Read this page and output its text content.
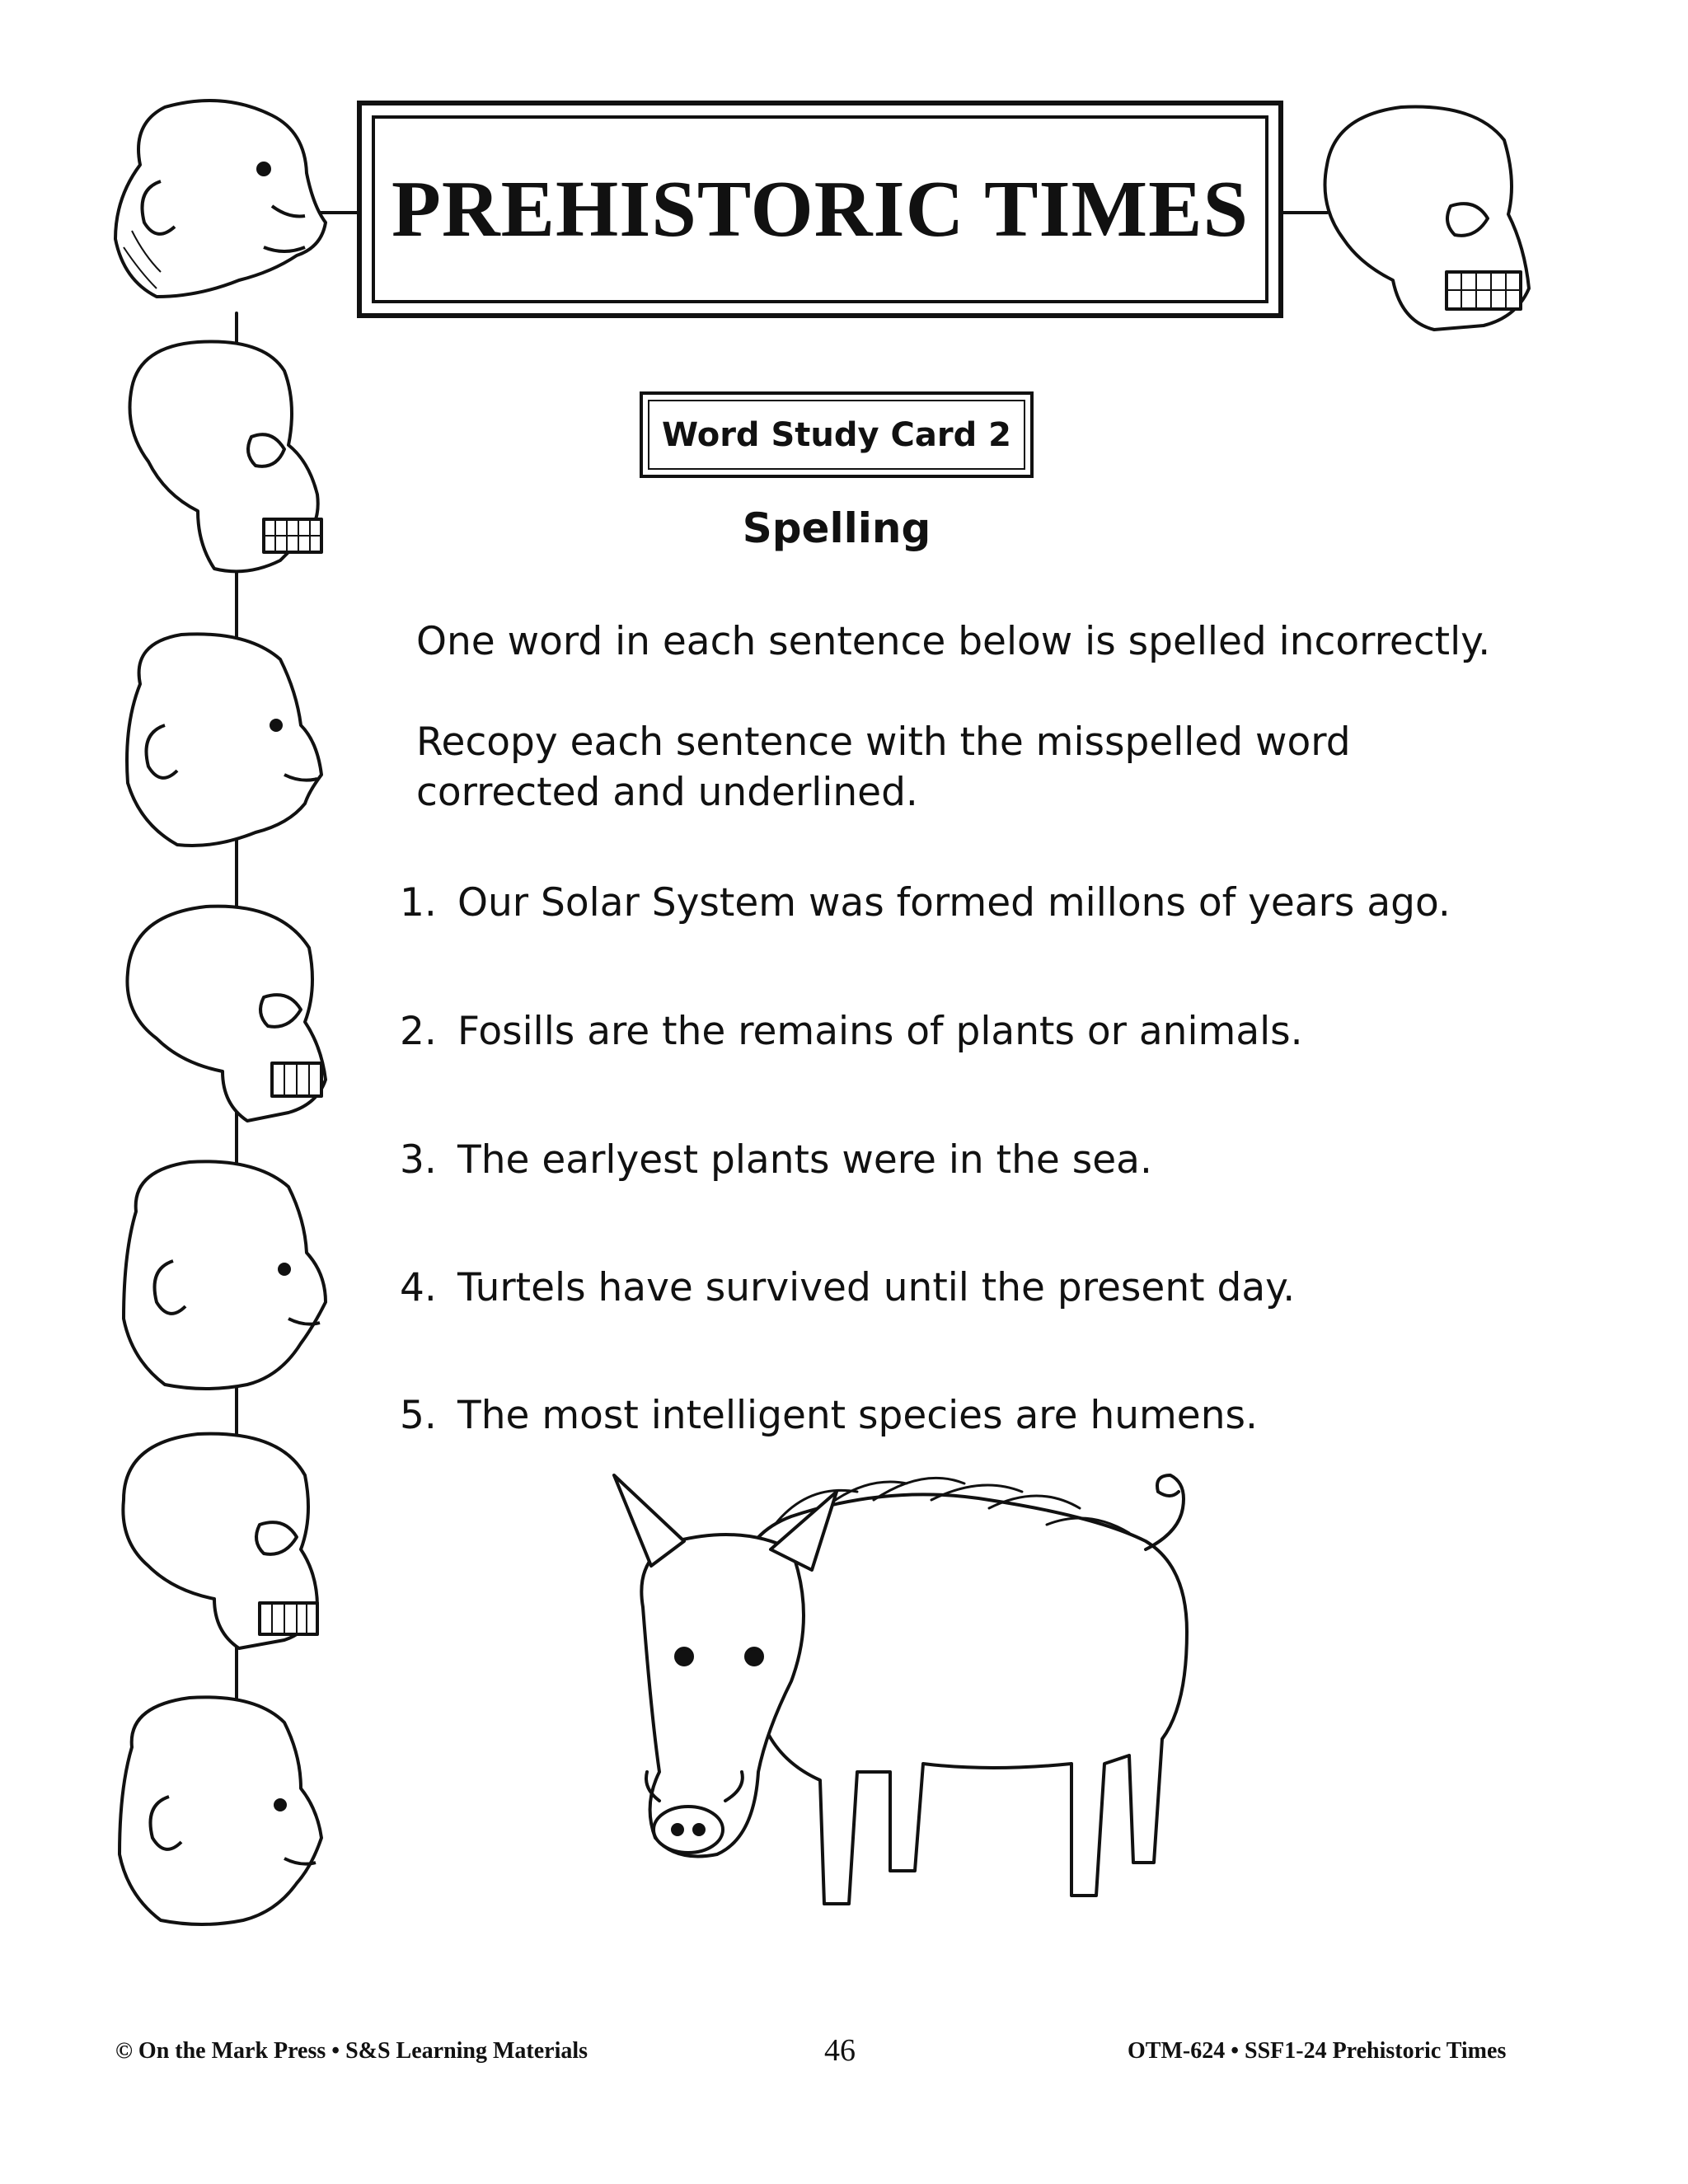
PREHISTORIC TIMES
Word Study Card 2
Spelling
One word in each sentence below is spelled incorrectly.
Recopy each sentence with the misspelled word
corrected and underlined.
1. Our Solar System was formed millons of years ago.
2. Fosills are the remains of plants or animals.
3. The earlyest plants were in the sea.
4. Turtels have survived until the present day.
5. The most intelligent species are humens.
© On the Mark Press • S&S Learning Materials	46	OTM-624 • SSF1-24 Prehistoric Times
